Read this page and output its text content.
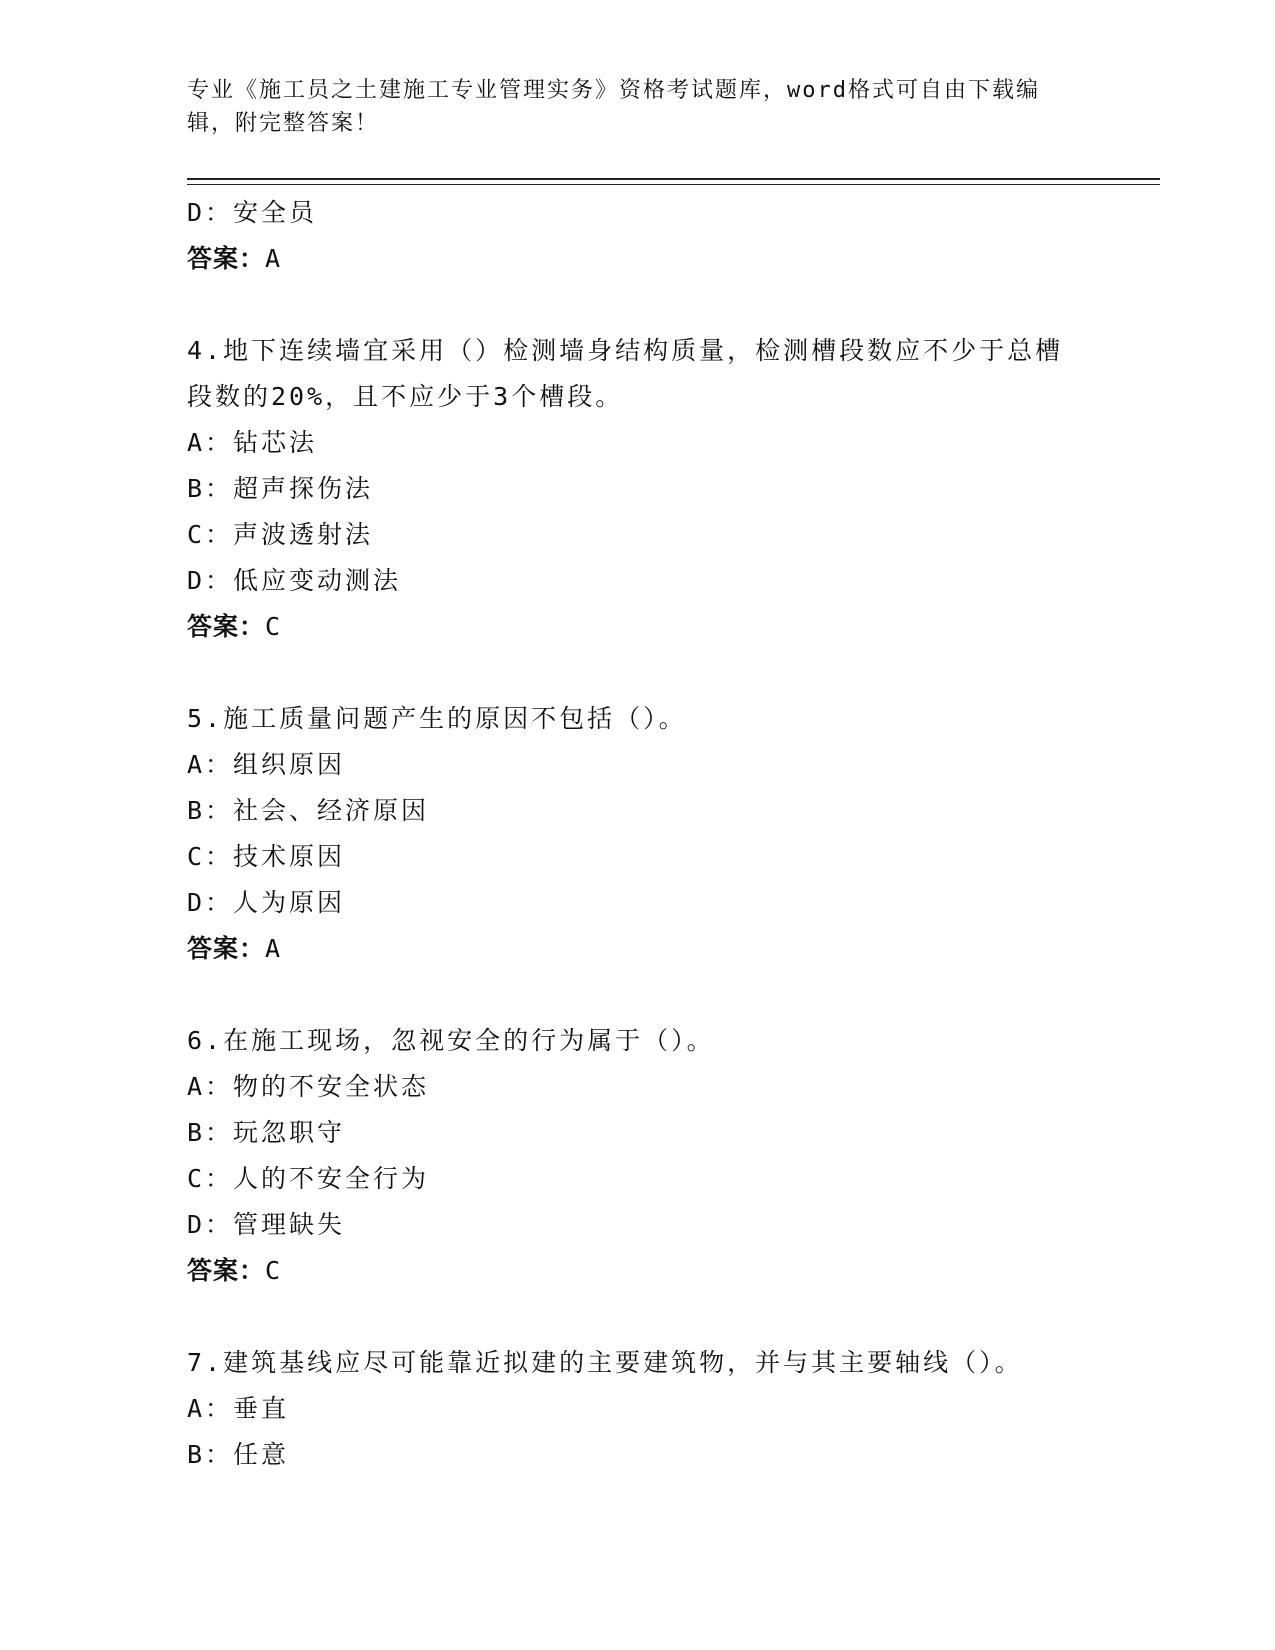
专业《施工员之土建施工专业管理实务》资格考试题库，word格式可自由下载编辑，附完整答案！
D：安全员
答案：A
4.地下连续墙宜采用（）检测墙身结构质量，检测槽段数应不少于总槽段数的20%，且不应少于3个槽段。
A：钻芯法
B：超声探伤法
C：声波透射法
D：低应变动测法
答案：C
5.施工质量问题产生的原因不包括（）。
A：组织原因
B：社会、经济原因
C：技术原因
D：人为原因
答案：A
6.在施工现场，忽视安全的行为属于（）。
A：物的不安全状态
B：玩忽职守
C：人的不安全行为
D：管理缺失
答案：C
7.建筑基线应尽可能靠近拟建的主要建筑物，并与其主要轴线（）。
A：垂直
B：任意
